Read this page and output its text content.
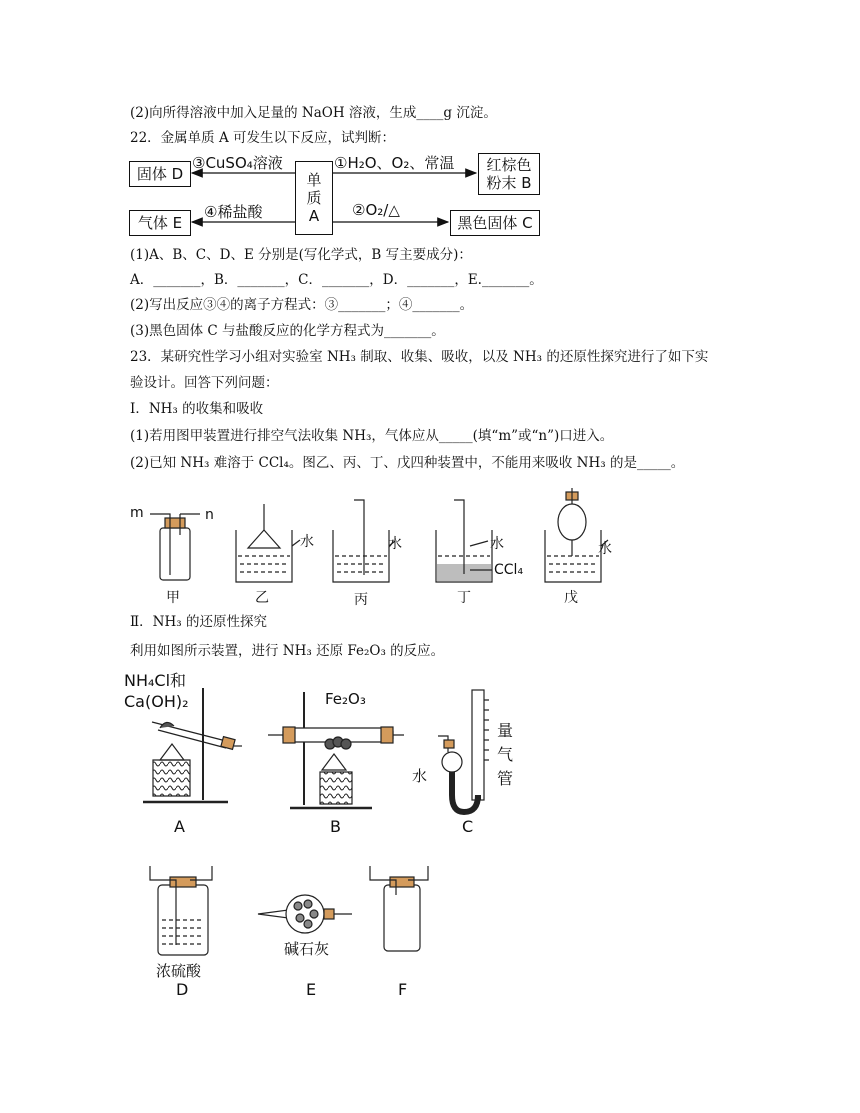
(2)向所得溶液中加入足量的 NaOH 溶液，生成____g 沉淀。
22．金属单质 A 可发生以下反应，试判断：
固体 D	红棕色
粉末 B
单
质
A
气体 E	黑色固体 C
③CuSO₄溶液	①H₂O、O₂、常温
④稀盐酸	②O₂/△
(1)A、B、C、D、E 分别是(写化学式，B 写主要成分)：
A．_______，B．_______，C．_______，D．_______，E._______。
(2)写出反应③④的离子方程式：③_______；④_______。
(3)黑色固体 C 与盐酸反应的化学方程式为_______。
23．某研究性学习小组对实验室 NH₃ 制取、收集、吸收，以及 NH₃ 的还原性探究进行了如下实
验设计。回答下列问题：
Ⅰ．NH₃ 的收集和吸收
(1)若用图甲装置进行排空气法收集 NH₃，气体应从_____(填“m”或“n”)口进入。
(2)已知 NH₃ 难溶于 CCl₄。图乙、丙、丁、戊四种装置中，不能用来吸收 NH₃ 的是_____。
m	n
甲	乙	丙	丁	戊
水	水	水
CCl₄
水
Ⅱ．NH₃ 的还原性探究
利用如图所示装置，进行 NH₃ 还原 Fe₂O₃ 的反应。
NH₄Cl和
Ca(OH)₂	Fe₂O₃
量
气
管
水
A	B	C
浓硫酸
碱石灰
D	E	F
